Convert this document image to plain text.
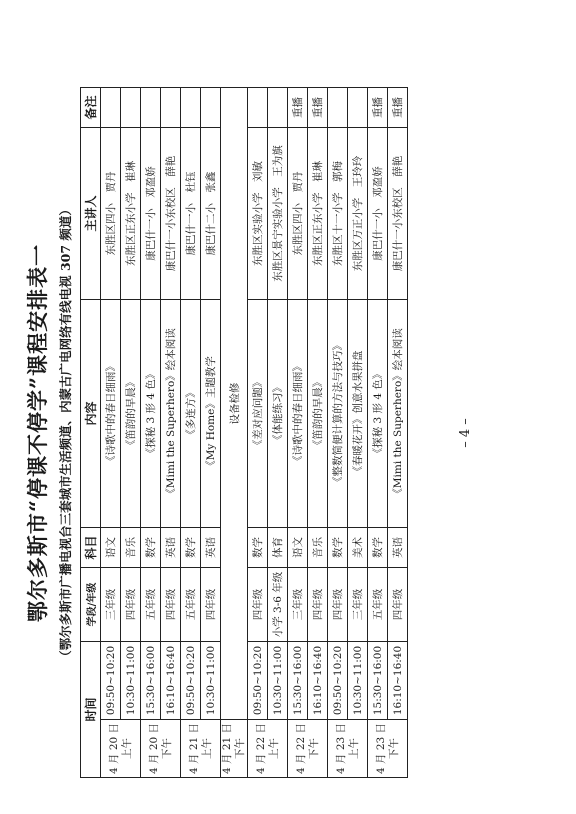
鄂尔多斯市“停课不停学”课程安排表一 （鄂尔多斯市广播电视台三套城市生活频道、内蒙古广电网络有线电视 307 频道）
时间		学段/年级	科目	内容	主讲人	备注

4 月 20 日 上午	09:50~10:20	三年级	语文	《诗歌中的春日细雨》	东胜区四小　贾丹	
	10:30~11:00	四年级	音乐	《笛韵的早晨》	东胜区正东小学　崔琳	

4 月 20 日 下午	15:30~16:00	五年级	数学	《探秘 3 形 4 色》	康巴什一小　邓盈娇	
	16:10~16:40	四年级	英语	《Mimi the Superhero》绘本阅读	康巴什一小东校区　薛艳	

4 月 21 日 上午	09:50~10:20	五年级	数学	《多连方》	康巴什一小　杜钰	
	10:30~11:00	四年级	英语	《My Home》主题教学	康巴什二小　张鑫	

4 月 21 日 下午	设备检修					

4 月 22 日 上午	09:50~10:20	四年级	数学	《差对应问题》	东胜区实验小学　刘敏	
	10:30~11:00	小学 3-6 年级	体育	《体能练习》	东胜区景宁实验小学　王为旗	

4 月 22 日 下午	15:30~16:00	三年级	语文	《诗歌中的春日细雨》	东胜区四小　贾丹	重播
	16:10~16:40	四年级	音乐	《笛韵的早晨》	东胜区正东小学　崔琳	重播

4 月 23 日 上午	09:50~10:20	四年级	数学	《整数简便计算的方法与技巧》	东胜区十一小学　郭梅	
	10:30~11:00	三年级	美术	《春暖花开》创意水果拼盘	东胜区万正小学　王玲玲	

4 月 23 日 下午	15:30~16:00	五年级	数学	《探秘 3 形 4 色》	康巴什一小　邓盈娇	重播
	16:10~16:40	四年级	英语	《Mimi the Superhero》绘本阅读	康巴什一小东校区　薛艳	重播
– 4 –
